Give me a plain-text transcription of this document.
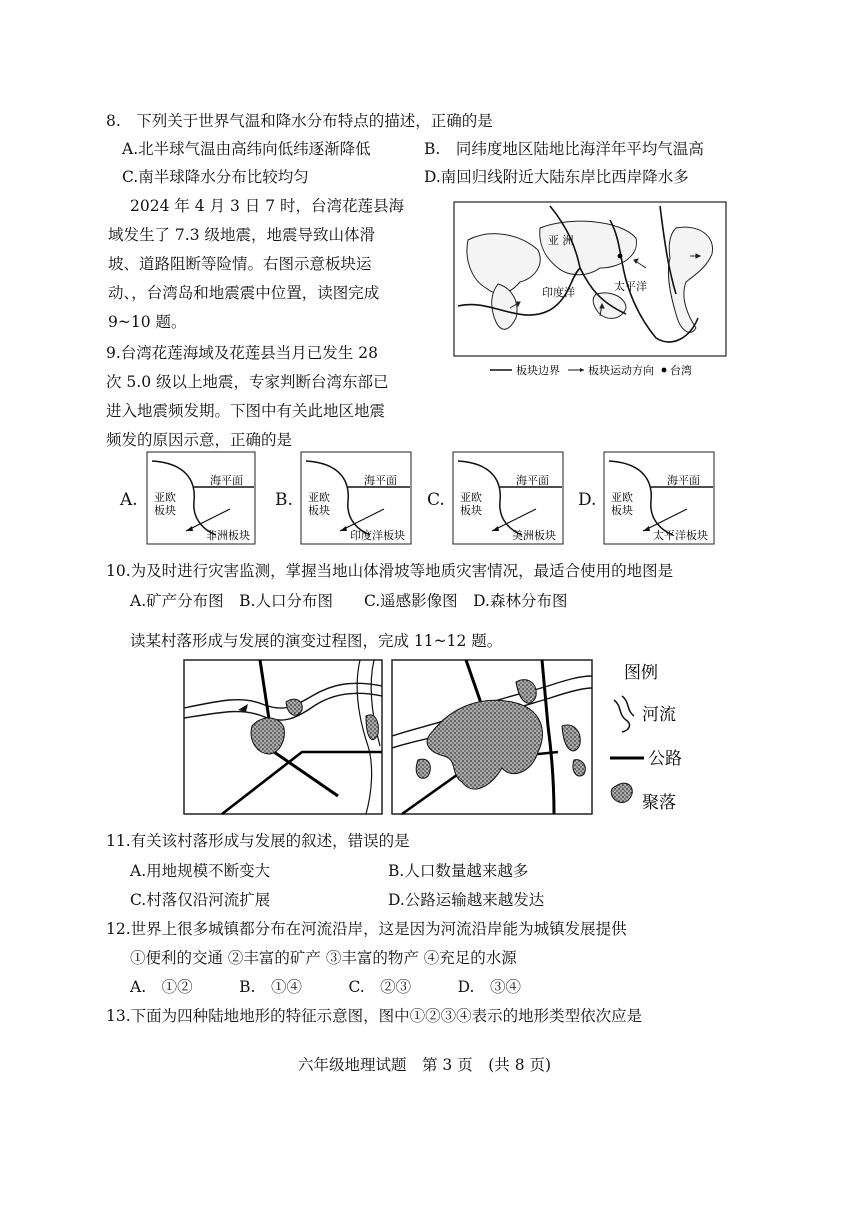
8.　下列关于世界气温和降水分布特点的描述，正确的是
A.北半球气温由高纬向低纬逐渐降低	B.　同纬度地区陆地比海洋年平均气温高
C.南半球降水分布比较均匀	D.南回归线附近大陆东岸比西岸降水多
2024 年 4 月 3 日 7 时，台湾花莲县海
域发生了 7.3 级地震，地震导致山体滑
坡、道路阻断等险情。右图示意板块运
动、，台湾岛和地震震中位置，读图完成
9~10 题。
亚 洲
太平洋
印度洋
板块边界	板块运动方向 台湾
9.台湾花莲海域及花莲县当月已发生 28
次 5.0 级以上地震，专家判断台湾东部已
进入地震频发期。下图中有关此地区地震
频发的原因示意，正确的是
A.
海平面
亚欧
板块
非洲板块
B.
海平面
亚欧
板块
印度洋板块
C.
海平面
亚欧
板块
美洲板块
D.
海平面
亚欧
板块
太平洋板块
10.为及时进行灾害监测，掌握当地山体滑坡等地质灾害情况，最适合使用的地图是
A.矿产分布图　B.人口分布图　　C.遥感影像图　D.森林分布图
读某村落形成与发展的演变过程图，完成 11~12 题。
图例
河流
公路
聚落
11.有关该村落形成与发展的叙述，错误的是
A.用地规模不断变大	B.人口数量越来越多
C.村落仅沿河流扩展	D.公路运输越来越发达
12.世界上很多城镇都分布在河流沿岸，这是因为河流沿岸能为城镇发展提供
①便利的交通 ②丰富的矿产 ③丰富的物产 ④充足的水源
A.　①②　　　B.　①④　　　C.　②③　　　D.　③④
13.下面为四种陆地地形的特征示意图，图中①②③④表示的地形类型依次应是
六年级地理试题　第 3 页　(共 8 页)
